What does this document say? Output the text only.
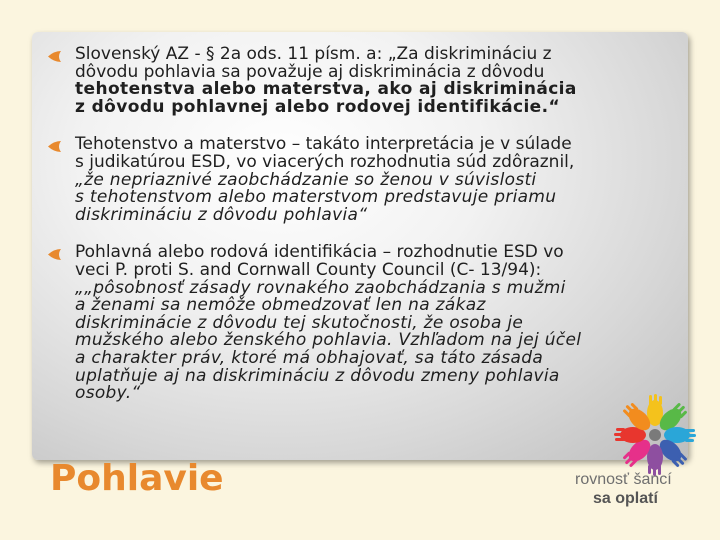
Slovenský AZ - § 2a ods. 11 písm. a: „Za diskrimináciu z
dôvodu pohlavia sa považuje aj diskriminácia z dôvodu
tehotenstva alebo materstva, ako aj diskriminácia
z dôvodu pohlavnej alebo rodovej identifikácie.“
Tehotenstvo a materstvo – takáto interpretácia je v súlade
s judikatúrou ESD, vo viacerých rozhodnutia súd zdôraznil,
„že nepriaznivé zaobchádzanie so ženou v súvislosti
s tehotenstvom alebo materstvom predstavuje priamu
diskrimináciu z dôvodu pohlavia“
Pohlavná alebo rodová identifikácia – rozhodnutie ESD vo
veci P. proti S. and Cornwall County Council (C- 13/94):
„„pôsobnosť zásady rovnakého zaobchádzania s mužmi
a ženami sa nemôže obmedzovať len na zákaz
diskriminácie z dôvodu tej skutočnosti, že osoba je
mužského alebo ženského pohlavia. Vzhľadom na jej účel
a charakter práv, ktoré má obhajovať, sa táto zásada
uplatňuje aj na diskrimináciu z dôvodu zmeny pohlavia
osoby.“
Pohlavie	rovnosť šancí
sa oplatí
